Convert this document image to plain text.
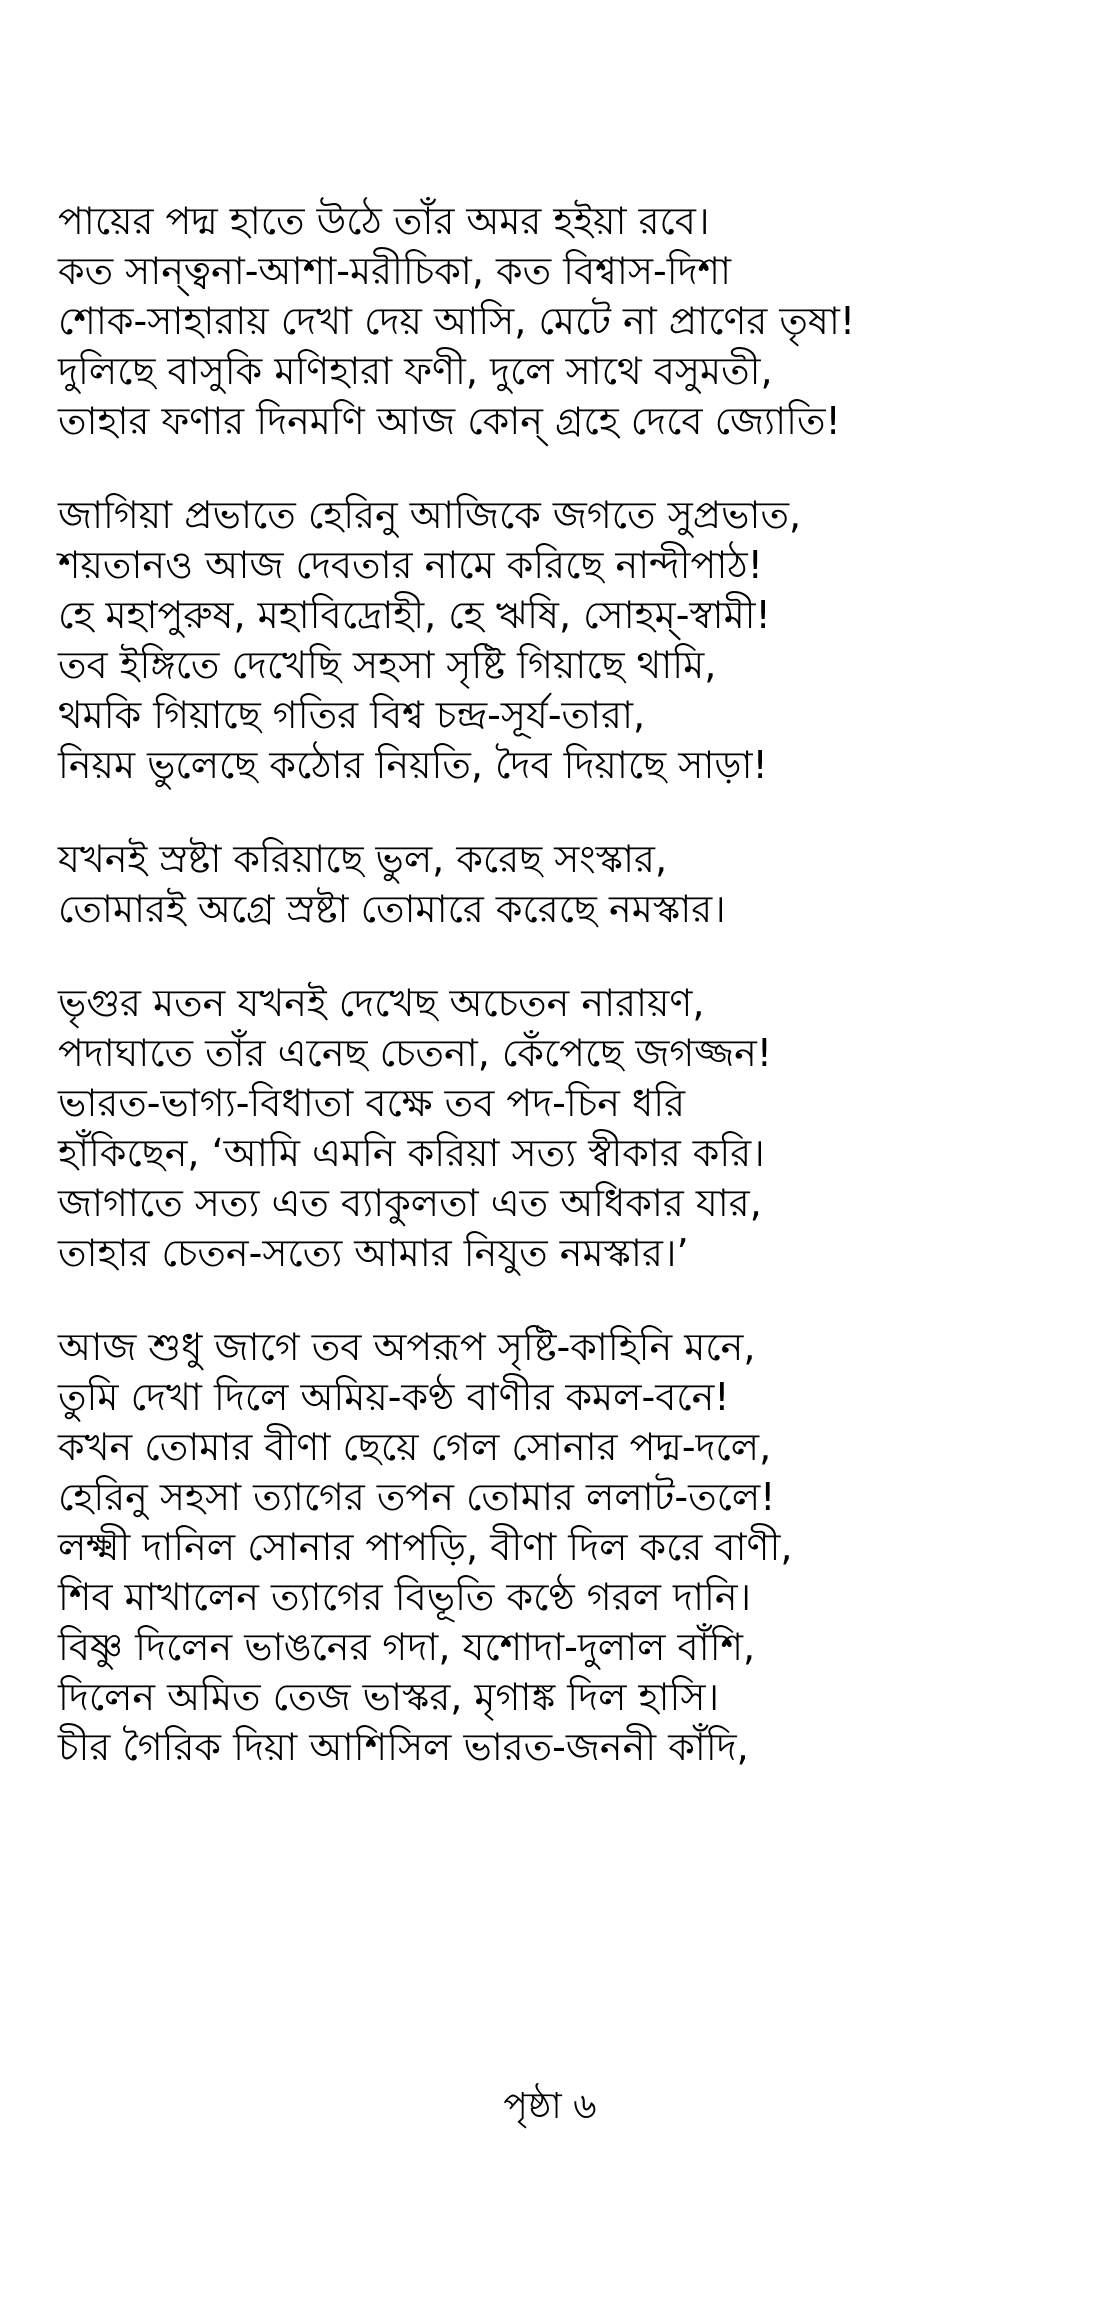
পায়ের পদ্ম হাতে উঠে তাঁর অমর হইয়া রবে।
কত সান্ত্বনা-আশা-মরীচিকা, কত বিশ্বাস-দিশা
শোক-সাহারায় দেখা দেয় আসি, মেটে না প্রাণের তৃষা!
দুলিছে বাসুকি মণিহারা ফণী, দুলে সাথে বসুমতী,
তাহার ফণার দিনমণি আজ কোন্ গ্রহে দেবে জ্যোতি!
জাগিয়া প্রভাতে হেরিনু আজিকে জগতে সুপ্রভাত,
শয়তানও আজ দেবতার নামে করিছে নান্দীপাঠ!
হে মহাপুরুষ, মহাবিদ্রোহী, হে ঋষি, সোহম্-স্বামী!
তব ইঙ্গিতে দেখেছি সহসা সৃষ্টি গিয়াছে থামি,
থমকি গিয়াছে গতির বিশ্ব চন্দ্র-সূর্য-তারা,
নিয়ম ভুলেছে কঠোর নিয়তি, দৈব দিয়াছে সাড়া!
যখনই স্রষ্টা করিয়াছে ভুল, করেছ সংস্কার,
তোমারই অগ্রে স্রষ্টা তোমারে করেছে নমস্কার।
ভৃগুর মতন যখনই দেখেছ অচেতন নারায়ণ,
পদাঘাতে তাঁর এনেছ চেতনা, কেঁপেছে জগজ্জন!
ভারত-ভাগ্য-বিধাতা বক্ষে তব পদ-চিন ধরি
হাঁকিছেন, ‘আমি এমনি করিয়া সত্য স্বীকার করি।
জাগাতে সত্য এত ব্যাকুলতা এত অধিকার যার,
তাহার চেতন-সত্যে আমার নিযুত নমস্কার।’
আজ শুধু জাগে তব অপরূপ সৃষ্টি-কাহিনি মনে,
তুমি দেখা দিলে অমিয়-কণ্ঠ বাণীর কমল-বনে!
কখন তোমার বীণা ছেয়ে গেল সোনার পদ্ম-দলে,
হেরিনু সহসা ত্যাগের তপন তোমার ললাট-তলে!
লক্ষ্মী দানিল সোনার পাপড়ি, বীণা দিল করে বাণী,
শিব মাখালেন ত্যাগের বিভূতি কণ্ঠে গরল দানি।
বিষ্ণু দিলেন ভাঙনের গদা, যশোদা-দুলাল বাঁশি,
দিলেন অমিত তেজ ভাস্কর, মৃগাঙ্ক দিল হাসি।
চীর গৈরিক দিয়া আশিসিল ভারত-জননী কাঁদি,
পৃষ্ঠা ৬
